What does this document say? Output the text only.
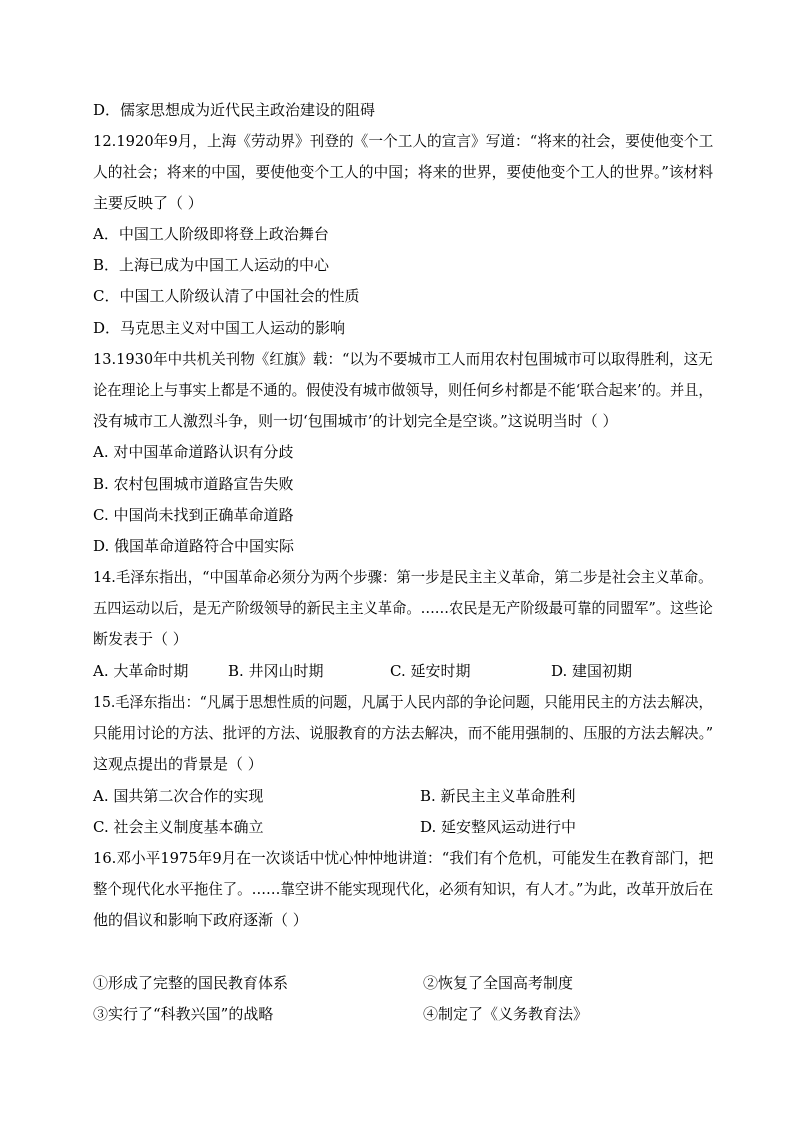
D．儒家思想成为近代民主政治建设的阻碍
12.1920年9月，上海《劳动界》刊登的《一个工人的宣言》写道：“将来的社会，要使他变个工
人的社会；将来的中国，要使他变个工人的中国；将来的世界，要使他变个工人的世界。”该材料
主要反映了（ ）
A．中国工人阶级即将登上政治舞台
B．上海已成为中国工人运动的中心
C．中国工人阶级认清了中国社会的性质
D．马克思主义对中国工人运动的影响
13.1930年中共机关刊物《红旗》载：“以为不要城市工人而用农村包围城市可以取得胜利，这无
论在理论上与事实上都是不通的。假使没有城市做领导，则任何乡村都是不能‘联合起来’的。并且，
没有城市工人激烈斗争，则一切‘包围城市’的计划完全是空谈。”这说明当时（ ）
A. 对中国革命道路认识有分歧
B. 农村包围城市道路宣告失败
C. 中国尚未找到正确革命道路
D. 俄国革命道路符合中国实际
14.毛泽东指出，“中国革命必须分为两个步骤：第一步是民主主义革命，第二步是社会主义革命。
五四运动以后，是无产阶级领导的新民主主义革命。……农民是无产阶级最可靠的同盟军”。这些论
断发表于（ ）
A. 大革命时期	B. 井冈山时期	C. 延安时期	D. 建国初期
15.毛泽东指出：“凡属于思想性质的问题，凡属于人民内部的争论问题，只能用民主的方法去解决，
只能用讨论的方法、批评的方法、说服教育的方法去解决，而不能用强制的、压服的方法去解决。”
这观点提出的背景是（ ）
A. 国共第二次合作的实现	B. 新民主主义革命胜利
C. 社会主义制度基本确立	D. 延安整风运动进行中
16.邓小平1975年9月在一次谈话中忧心忡忡地讲道：“我们有个危机，可能发生在教育部门，把
整个现代化水平拖住了。……靠空讲不能实现现代化，必须有知识，有人才。”为此，改革开放后在
他的倡议和影响下政府逐渐（ ）
①形成了完整的国民教育体系	②恢复了全国高考制度
③实行了“科教兴国”的战略	④制定了《义务教育法》
